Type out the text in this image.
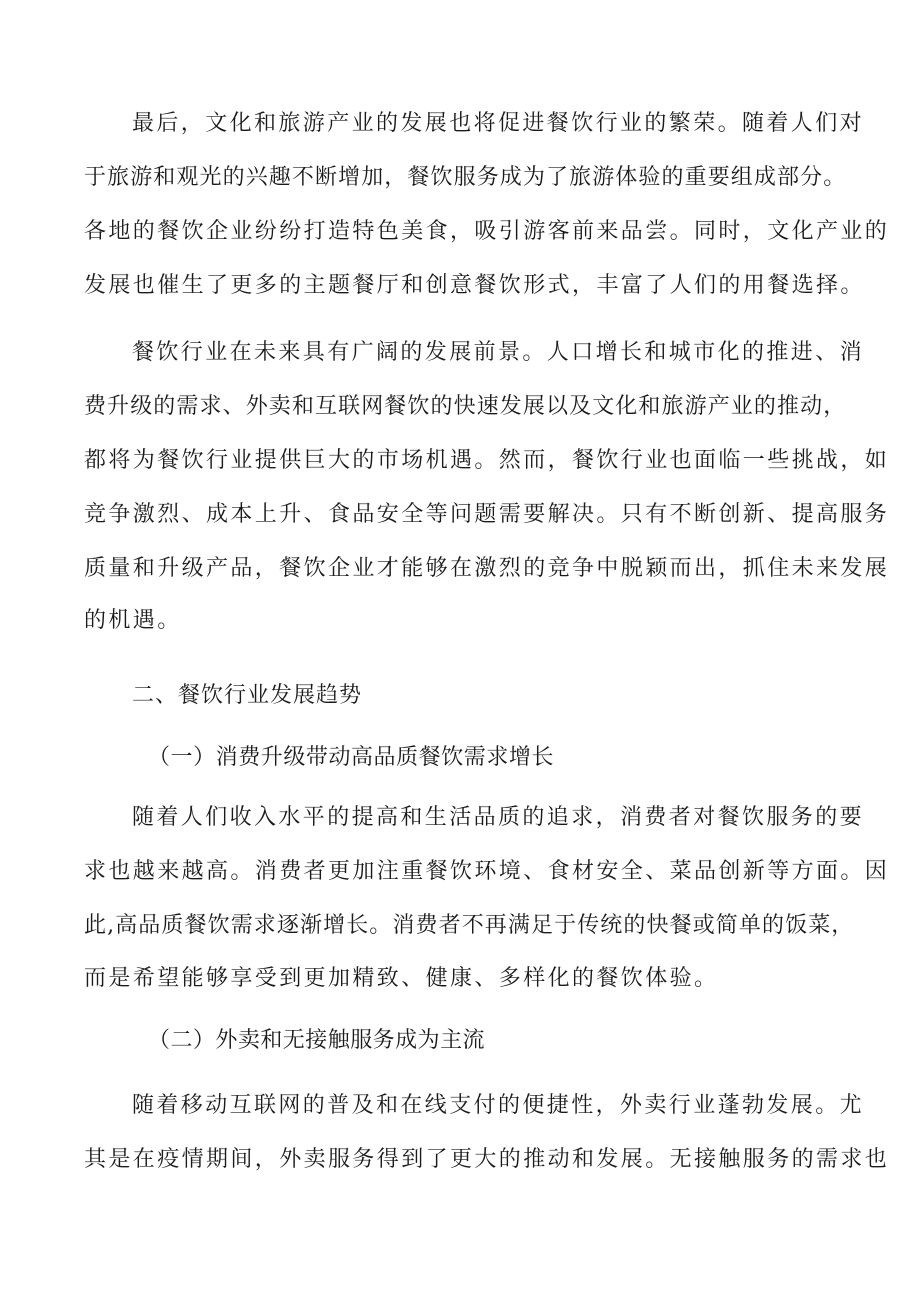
最后，文化和旅游产业的发展也将促进餐饮行业的繁荣。随着人们对
于旅游和观光的兴趣不断增加，餐饮服务成为了旅游体验的重要组成部分。
各地的餐饮企业纷纷打造特色美食，吸引游客前来品尝。同时，文化产业的
发展也催生了更多的主题餐厅和创意餐饮形式，丰富了人们的用餐选择。
餐饮行业在未来具有广阔的发展前景。人口增长和城市化的推进、消
费升级的需求、外卖和互联网餐饮的快速发展以及文化和旅游产业的推动，
都将为餐饮行业提供巨大的市场机遇。然而，餐饮行业也面临一些挑战，如
竞争激烈、成本上升、食品安全等问题需要解决。只有不断创新、提高服务
质量和升级产品，餐饮企业才能够在激烈的竞争中脱颖而出，抓住未来发展
的机遇。
二、餐饮行业发展趋势
（一）消费升级带动高品质餐饮需求增长
随着人们收入水平的提高和生活品质的追求，消费者对餐饮服务的要
求也越来越高。消费者更加注重餐饮环境、食材安全、菜品创新等方面。因
此,高品质餐饮需求逐渐增长。消费者不再满足于传统的快餐或简单的饭菜，
而是希望能够享受到更加精致、健康、多样化的餐饮体验。
（二）外卖和无接触服务成为主流
随着移动互联网的普及和在线支付的便捷性，外卖行业蓬勃发展。尤
其是在疫情期间，外卖服务得到了更大的推动和发展。无接触服务的需求也
